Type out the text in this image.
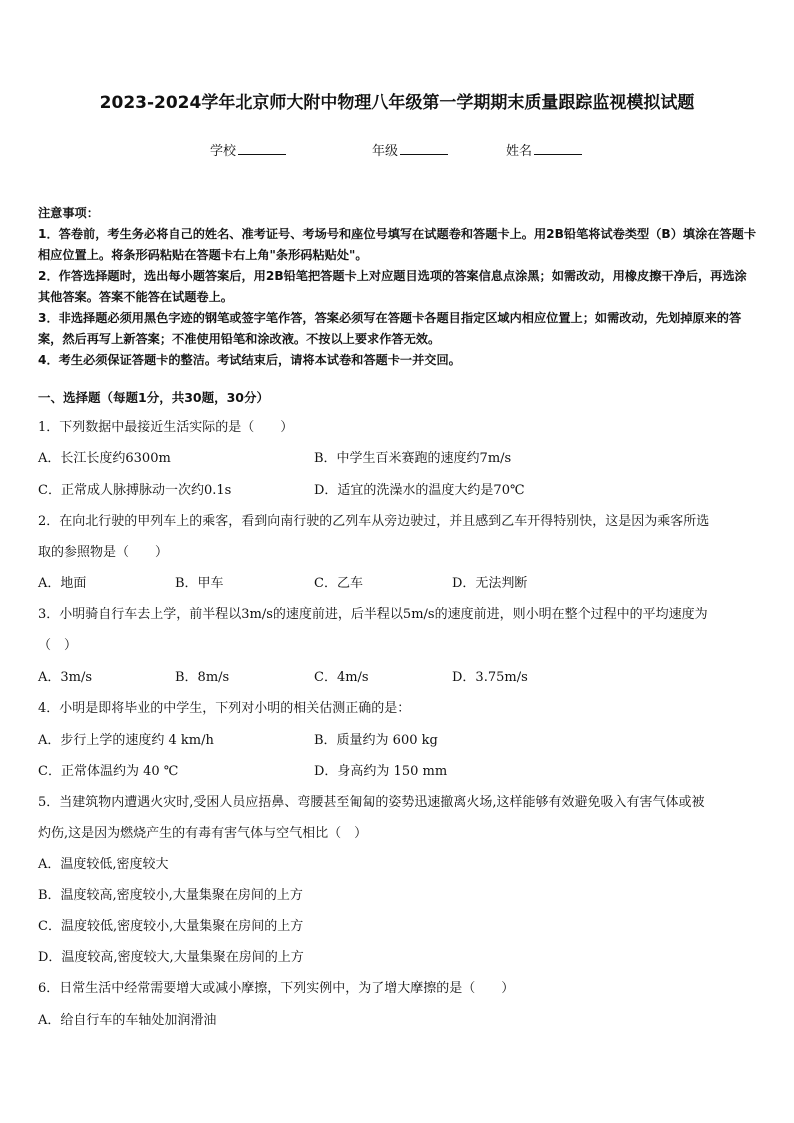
2023-2024学年北京师大附中物理八年级第一学期期末质量跟踪监视模拟试题
学校	年级	姓名

注意事项：

1．答卷前，考生务必将自己的姓名、准考证号、考场号和座位号填写在试题卷和答题卡上。用2B铅笔将试卷类型（B）填涂在答题卡相应位置上。将条形码粘贴在答题卡右上角"条形码粘贴处"。

2．作答选择题时，选出每小题答案后，用2B铅笔把答题卡上对应题目选项的答案信息点涂黑；如需改动，用橡皮擦干净后，再选涂其他答案。答案不能答在试题卷上。

3．非选择题必须用黑色字迹的钢笔或签字笔作答，答案必须写在答题卡各题目指定区域内相应位置上；如需改动，先划掉原来的答案，然后再写上新答案；不准使用铅笔和涂改液。不按以上要求作答无效。

4．考生必须保证答题卡的整洁。考试结束后，请将本试卷和答题卡一并交回。

一、选择题（每题1分，共30题，30分）
1．下列数据中最接近生活实际的是（　　）
A．长江长度约6300m	B．中学生百米赛跑的速度约7m/s
C．正常成人脉搏脉动一次约0.1s	D．适宜的洗澡水的温度大约是70℃
2．在向北行驶的甲列车上的乘客，看到向南行驶的乙列车从旁边驶过，并且感到乙车开得特别快，这是因为乘客所选
取的参照物是（　　）
A．地面	B．甲车	C．乙车	D．无法判断
3．小明骑自行车去上学，前半程以3m/s的速度前进，后半程以5m/s的速度前进，则小明在整个过程中的平均速度为
（　）
A．3m/s	B．8m/s	C．4m/s	D．3.75m/s
4．小明是即将毕业的中学生，下列对小明的相关估测正确的是：
A．步行上学的速度约 4 km/h	B．质量约为 600 kg
C．正常体温约为 40 ℃	D．身高约为 150 mm
5．当建筑物内遭遇火灾时,受困人员应捂鼻、弯腰甚至匍匐的姿势迅速撤离火场,这样能够有效避免吸入有害气体或被
灼伤,这是因为燃烧产生的有毒有害气体与空气相比（　）
A．温度较低,密度较大
B．温度较高,密度较小,大量集聚在房间的上方
C．温度较低,密度较小,大量集聚在房间的上方
D．温度较高,密度较大,大量集聚在房间的上方
6．日常生活中经常需要增大或减小摩擦，下列实例中，为了增大摩擦的是（　　）
A．给自行车的车轴处加润滑油
